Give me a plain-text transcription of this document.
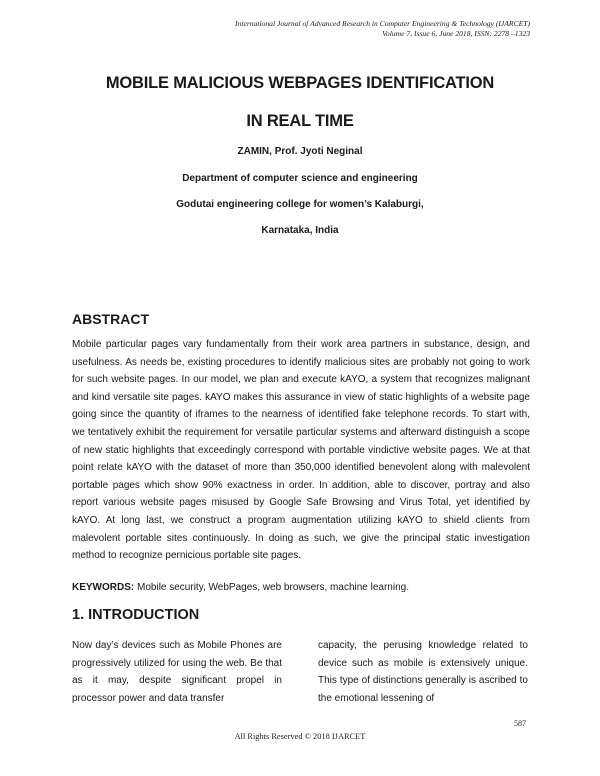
International Journal of Advanced Research in Computer Engineering & Technology (IJARCET)
Volume 7, Issue 6, June 2018, ISSN: 2278 –1323
MOBILE MALICIOUS WEBPAGES IDENTIFICATION
IN REAL TIME
ZAMIN, Prof. Jyoti Neginal
Department of computer science and engineering
Godutai engineering college for women’s Kalaburgi,
Karnataka, India
ABSTRACT
Mobile particular pages vary fundamentally from their work area partners in substance, design, and usefulness. As needs be, existing procedures to identify malicious sites are probably not going to work for such website pages. In our model, we plan and execute kAYO, a system that recognizes malignant and kind versatile site pages. kAYO makes this assurance in view of static highlights of a website page going since the quantity of iframes to the nearness of identified fake telephone records. To start with, we tentatively exhibit the requirement for versatile particular systems and afterward distinguish a scope of new static highlights that exceedingly correspond with portable vindictive website pages. We at that point relate kAYO with the dataset of more than 350,000 identified benevolent along with malevolent portable pages which show 90% exactness in order. In addition, able to discover, portray and also report various website pages misused by Google Safe Browsing and Virus Total, yet identified by kAYO. At long last, we construct a program augmentation utilizing kAYO to shield clients from malevolent portable sites continuously. In doing as such, we give the principal static investigation method to recognize pernicious portable site pages.
KEYWORDS: Mobile security, WebPages, web browsers, machine learning.
1. INTRODUCTION
Now day’s devices such as Mobile Phones are progressively utilized for using the web. Be that as it may, despite significant propel in processor power and data transfer
capacity, the perusing knowledge related to device such as mobile is extensively unique. This type of distinctions generally is ascribed to the emotional lessening of
587
All Rights Reserved © 2018 IJARCET
